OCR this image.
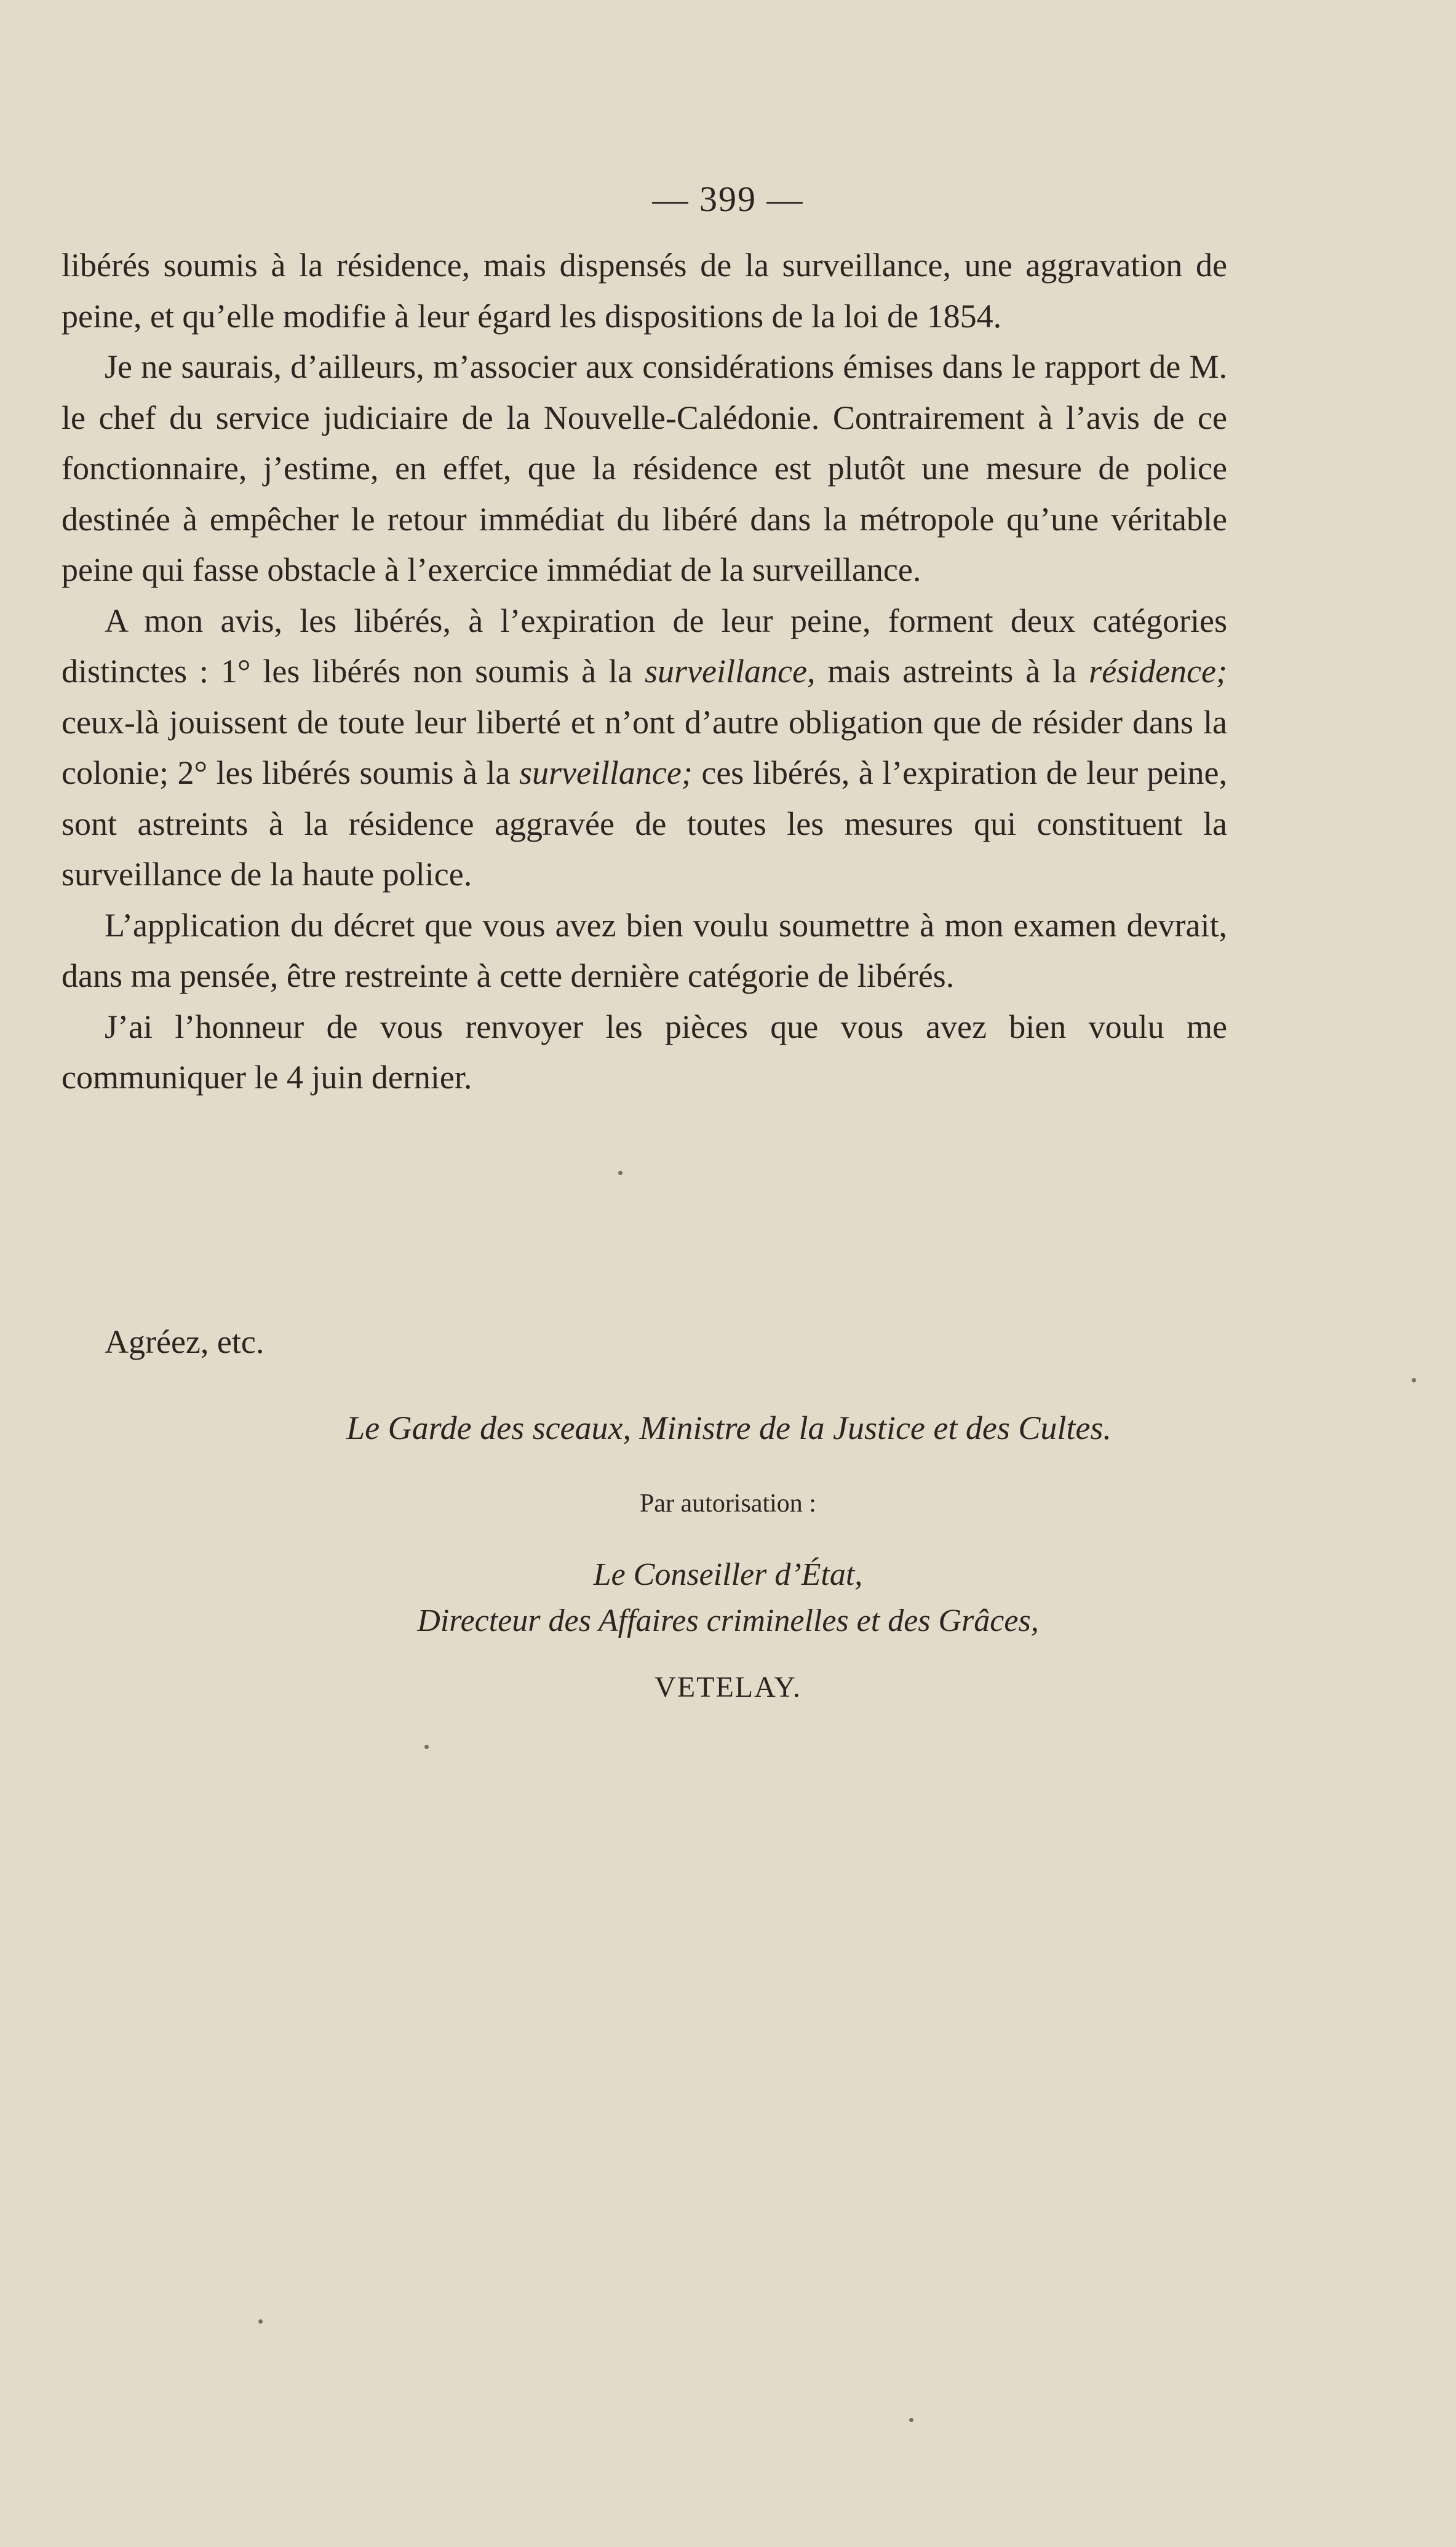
— 399 —

libérés soumis à la résidence, mais dispensés de la surveillance, une aggravation de peine, et qu’elle modifie à leur égard les dispositions de la loi de 1854.

Je ne saurais, d’ailleurs, m’associer aux considérations émises dans le rapport de M. le chef du service judiciaire de la Nouvelle-Calédonie. Contrairement à l’avis de ce fonctionnaire, j’estime, en effet, que la résidence est plutôt une mesure de police destinée à empêcher le retour immédiat du libéré dans la métropole qu’une véritable peine qui fasse obstacle à l’exercice immédiat de la surveillance.

A mon avis, les libérés, à l’expiration de leur peine, forment deux catégories distinctes : 1° les libérés non soumis à la surveillance, mais astreints à la résidence; ceux-là jouissent de toute leur liberté et n’ont d’autre obligation que de résider dans la colonie; 2° les libérés soumis à la surveillance; ces libérés, à l’expiration de leur peine, sont astreints à la résidence aggravée de toutes les mesures qui constituent la surveillance de la haute police.

L’application du décret que vous avez bien voulu soumettre à mon examen devrait, dans ma pensée, être restreinte à cette dernière catégorie de libérés.

J’ai l’honneur de vous renvoyer les pièces que vous avez bien voulu me communiquer le 4 juin dernier.

Agréez, etc.

Le Garde des sceaux, Ministre de la Justice et des Cultes.
Par autorisation :
Le Conseiller d’État,
Directeur des Affaires criminelles et des Grâces,
VETELAY.
